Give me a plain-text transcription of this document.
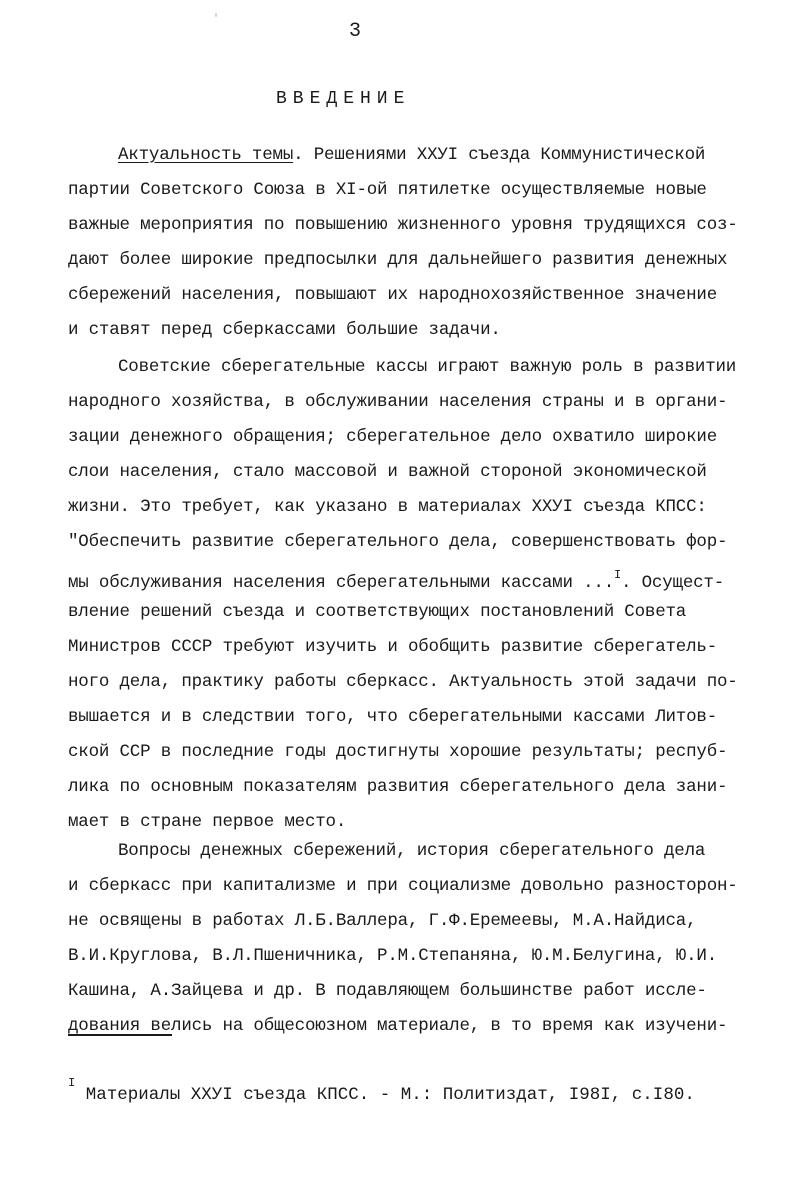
'
3
ВВЕДЕНИЕ
Актуальность темы. Решениями ХХУI съезда Коммунистической
партии Советского Союза в XI-ой пятилетке осуществляемые новые
важные мероприятия по повышению жизненного уровня трудящихся соз-
дают более широкие предпосылки для дальнейшего развития денежных
сбережений населения, повышают их народнохозяйственное значение
и ставят перед сберкассами большие задачи.
Советские сберегательные кассы играют важную роль в развитии
народного хозяйства, в обслуживании населения страны и в органи-
зации денежного обращения; сберегательное дело охватило широкие
слои населения, стало массовой и важной стороной экономической
жизни. Это требует, как указано в материалах ХХУI съезда КПСС:
"Обеспечить развитие сберегательного дела, совершенствовать фор-
мы обслуживания населения сберегательными кассами ...$^I$. Осущест-
вление решений съезда и соответствующих постановлений Совета
Министров СССР требуют изучить и обобщить развитие сберегатель-
ного дела, практику работы сберкасс. Актуальность этой задачи по-
вышается и в следствии того, что сберегательными кассами Литов-
ской ССР в последние годы достигнуты хорошие результаты; респуб-
лика по основным показателям развития сберегательного дела зани-
мает в стране первое место.
Вопросы денежных сбережений, история сберегательного дела
и сберкасс при капитализме и при социализме довольно разносторон-
не освящены в работах Л.Б.Валлера, Г.Ф.Еремеевы, М.А.Найдиса,
В.И.Круглова, В.Л.Пшеничника, Р.М.Степаняна, Ю.М.Белугина, Ю.И.
Кашина, А.Зайцева и др. В подавляющем большинстве работ иссле-
дования велись на общесоюзном материале, в то время как изучени-
$^I$ Материалы ХХУI съезда КПСС. - М.: Политиздат, I98I, с.I80.
